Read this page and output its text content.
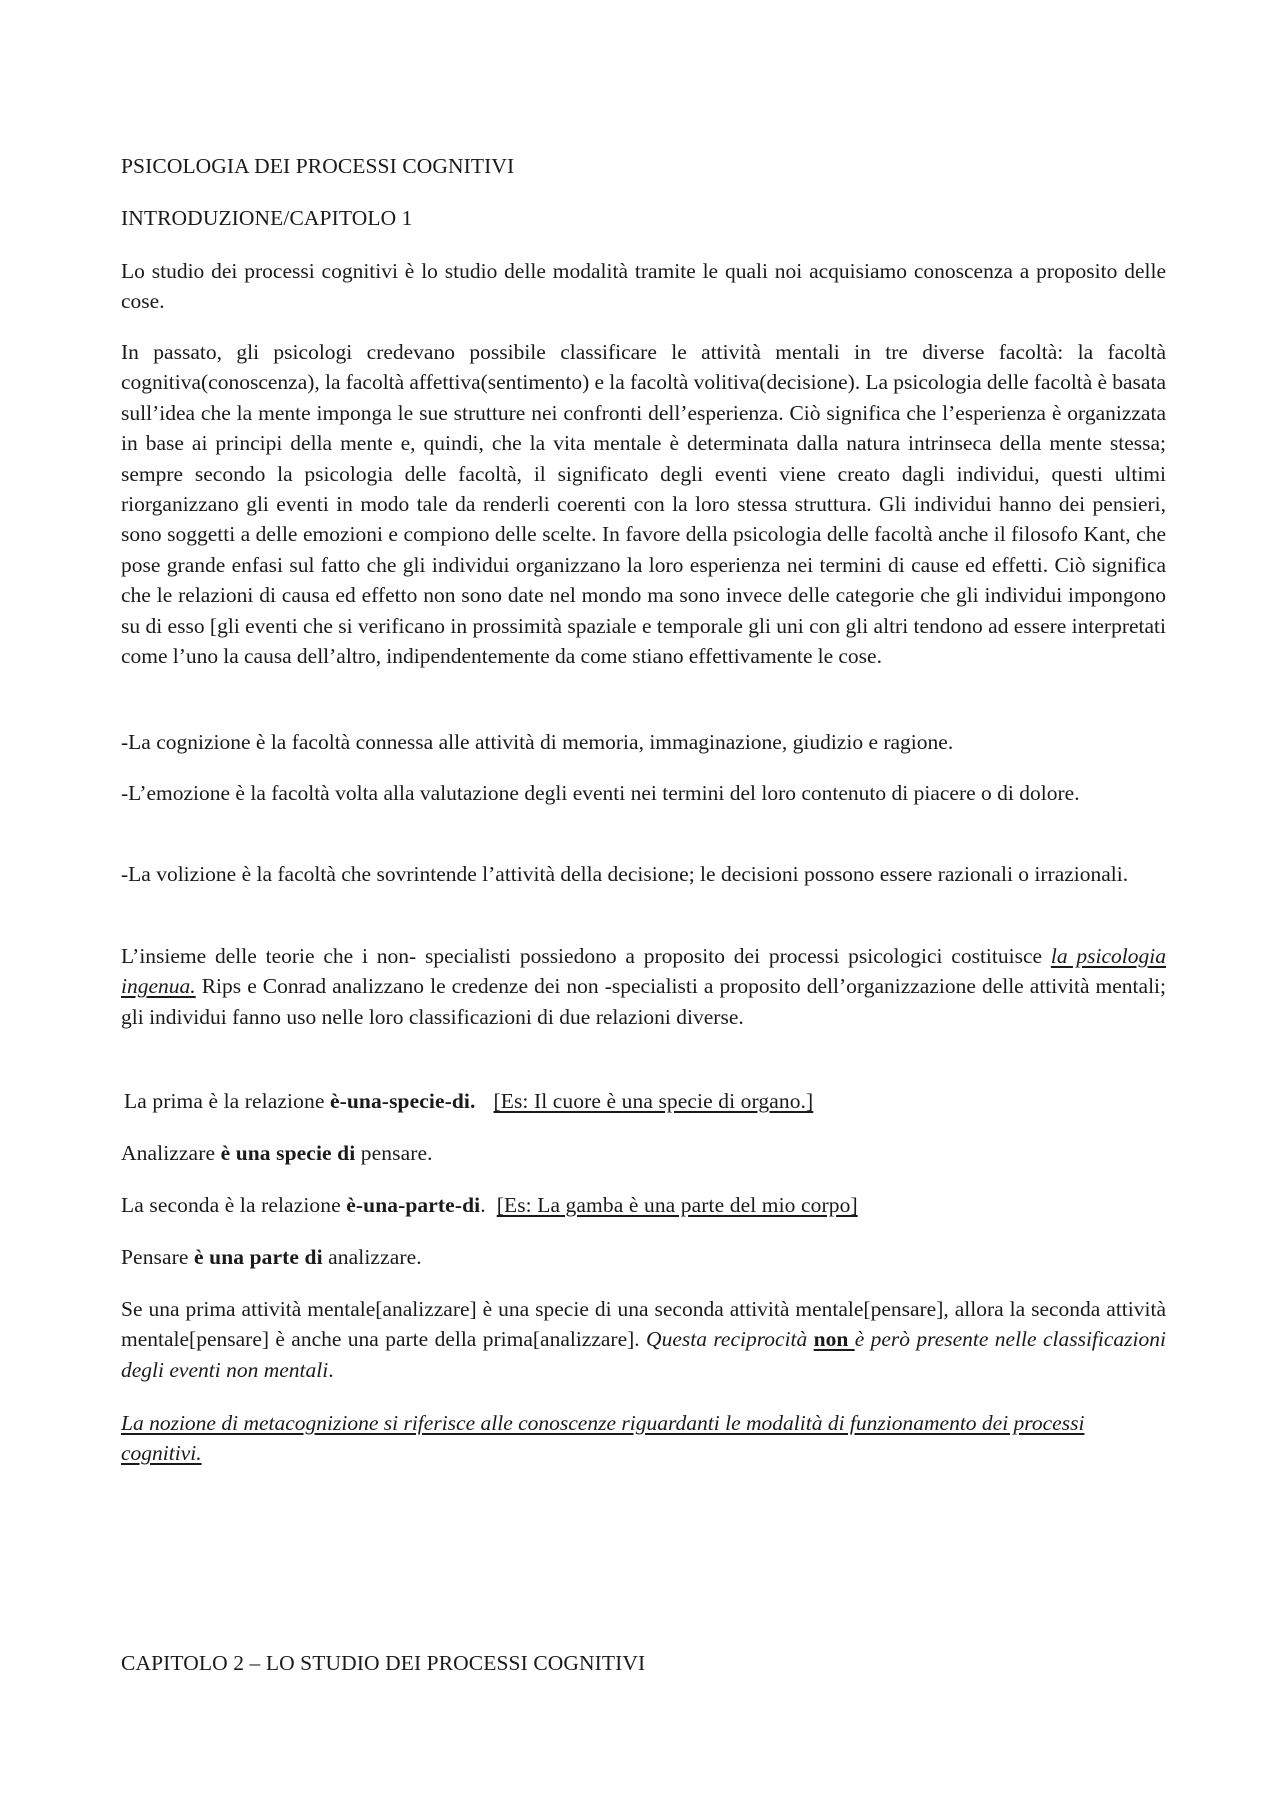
PSICOLOGIA DEI PROCESSI COGNITIVI

INTRODUZIONE/CAPITOLO 1

Lo studio dei processi cognitivi è lo studio delle modalità tramite le quali noi acquisiamo conoscenza a proposito delle cose.

In passato, gli psicologi credevano possibile classificare le attività mentali in tre diverse facoltà: la facoltà cognitiva(conoscenza), la facoltà affettiva(sentimento) e la facoltà volitiva(decisione). La psicologia delle facoltà è basata sull’idea che la mente imponga le sue strutture nei confronti dell’esperienza. Ciò significa che l’esperienza è organizzata in base ai principi della mente e, quindi, che la vita mentale è determinata dalla natura intrinseca della mente stessa; sempre secondo la psicologia delle facoltà, il significato degli eventi viene creato dagli individui, questi ultimi riorganizzano gli eventi in modo tale da renderli coerenti con la loro stessa struttura. Gli individui hanno dei pensieri, sono soggetti a delle emozioni e compiono delle scelte. In favore della psicologia delle facoltà anche il filosofo Kant, che pose grande enfasi sul fatto che gli individui organizzano la loro esperienza nei termini di cause ed effetti. Ciò significa che le relazioni di causa ed effetto non sono date nel mondo ma sono invece delle categorie che gli individui impongono su di esso [gli eventi che si verificano in prossimità spaziale e temporale gli uni con gli altri tendono ad essere interpretati come l’uno la causa dell’altro, indipendentemente da come stiano effettivamente le cose.

-La cognizione è la facoltà connessa alle attività di memoria, immaginazione, giudizio e ragione.

-L’emozione è la facoltà volta alla valutazione degli eventi nei termini del loro contenuto di piacere o di dolore.

-La volizione è la facoltà che sovrintende l’attività della decisione; le decisioni possono essere razionali o irrazionali.

L’insieme delle teorie che i non- specialisti possiedono a proposito dei processi psicologici costituisce la psicologia ingenua. Rips e Conrad analizzano le credenze dei non -specialisti a proposito dell’organizzazione delle attività mentali; gli individui fanno uso nelle loro classificazioni di due relazioni diverse.

La prima è la relazione è-una-specie-di. [Es: Il cuore è una specie di organo.]

Analizzare è una specie di pensare.

La seconda è la relazione è-una-parte-di. [Es: La gamba è una parte del mio corpo]

Pensare è una parte di analizzare.

Se una prima attività mentale[analizzare] è una specie di una seconda attività mentale[pensare], allora la seconda attività mentale[pensare] è anche una parte della prima[analizzare]. Questa reciprocità non è però presente nelle classificazioni degli eventi non mentali.

La nozione di metacognizione si riferisce alle conoscenze riguardanti le modalità di funzionamento dei processi cognitivi.

CAPITOLO 2 – LO STUDIO DEI PROCESSI COGNITIVI
